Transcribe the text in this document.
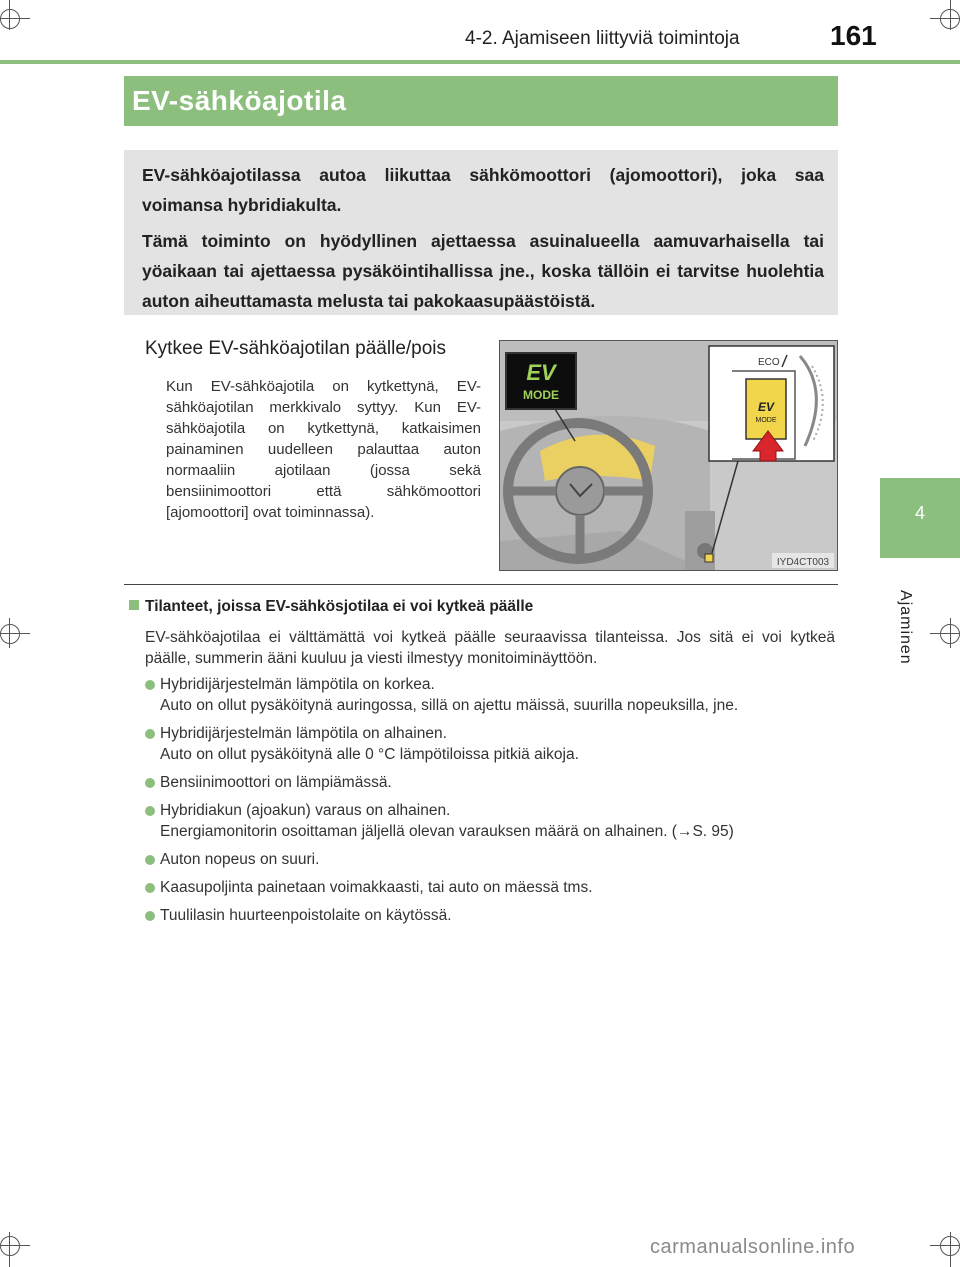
4-2. Ajamiseen liittyviä toimintoja	161
EV-sähköajotila

EV-sähköajotilassa autoa liikuttaa sähkömoottori (ajomoottori), joka saa voimansa hybridiakulta.

Tämä toiminto on hyödyllinen ajettaessa asuinalueella aamuvarhaisella tai yöaikaan tai ajettaessa pysäköintihallissa jne., koska tällöin ei tarvitse huolehtia auton aiheuttamasta melusta tai pakokaasupäästöistä.

4
Ajaminen
Kytkee EV-sähköajotilan päälle/pois
Kun EV-sähköajotila on kytkettynä, EV-sähköajotilan merkkivalo syttyy. Kun EV-sähköajotila on kytkettynä, katkaisimen painaminen uudelleen palauttaa auton normaaliin ajotilaan (jossa sekä bensiinimoottori että sähkömoottori [ajomoottori] ovat toiminnassa).
EV
MODE
ECO
EV
MODE
IYD4CT003
Tilanteet, joissa EV-sähkösjotilaa ei voi kytkeä päälle
EV-sähköajotilaa ei välttämättä voi kytkeä päälle seuraavissa tilanteissa. Jos sitä ei voi kytkeä päälle, summerin ääni kuuluu ja viesti ilmestyy monitoiminäyttöön.
Hybridijärjestelmän lämpötila on korkea.
Auto on ollut pysäköitynä auringossa, sillä on ajettu mäissä, suurilla nopeuksilla, jne.
Hybridijärjestelmän lämpötila on alhainen.
Auto on ollut pysäköitynä alle 0 °C lämpötiloissa pitkiä aikoja.
Bensiinimoottori on lämpiämässä.
Hybridiakun (ajoakun) varaus on alhainen.
Energiamonitorin osoittaman jäljellä olevan varauksen määrä on alhainen. (→S. 95)
Auton nopeus on suuri.
Kaasupoljinta painetaan voimakkaasti, tai auto on mäessä tms.
Tuulilasin huurteenpoistolaite on käytössä.
carmanualsonline.info
